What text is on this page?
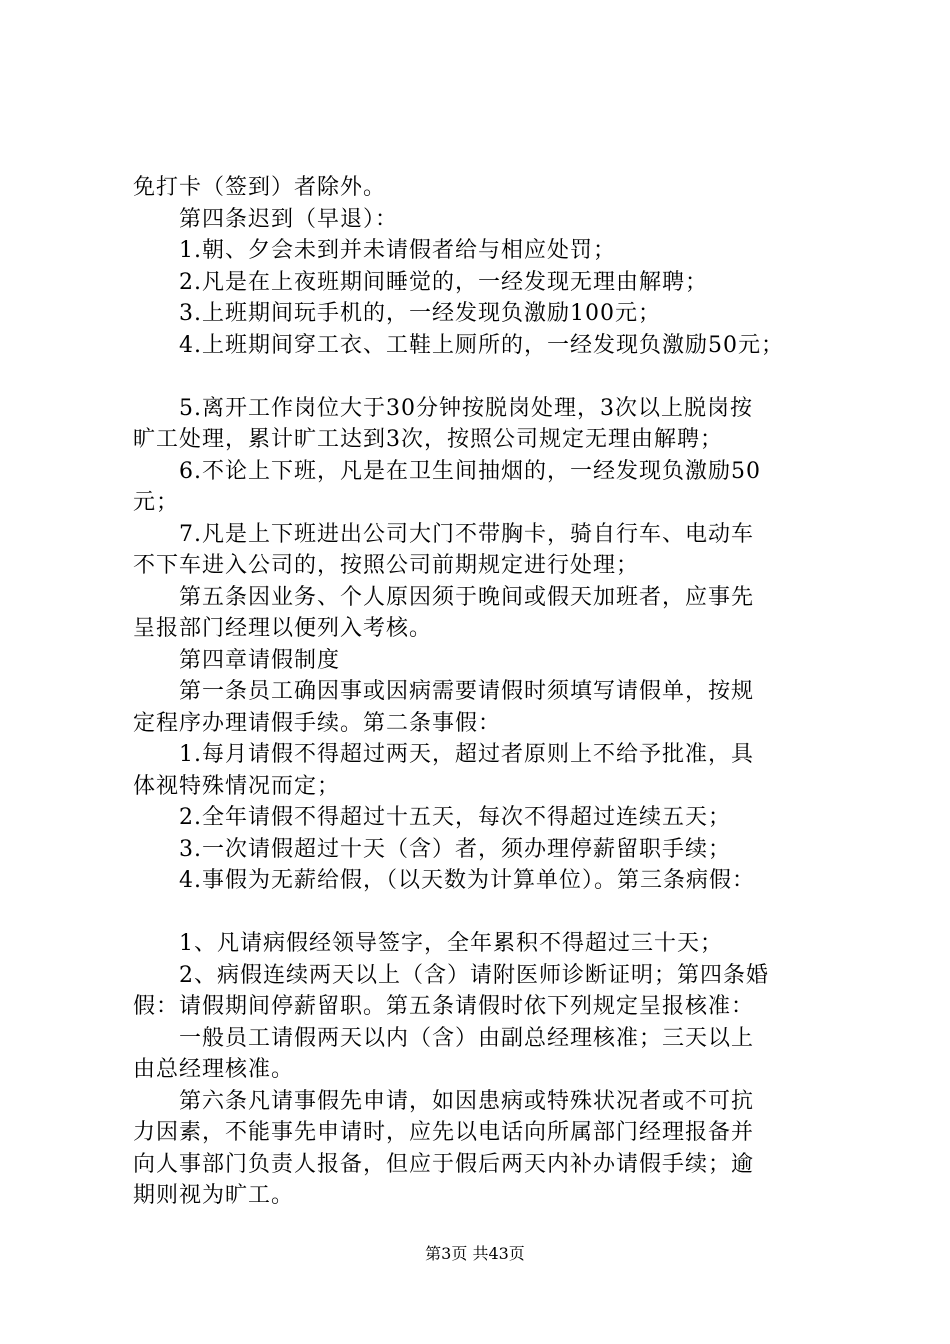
免打卡（签到）者除外。
第四条迟到（早退）：
1.朝、夕会未到并未请假者给与相应处罚；
2.凡是在上夜班期间睡觉的，一经发现无理由解聘；
3.上班期间玩手机的，一经发现负激励100元；
4.上班期间穿工衣、工鞋上厕所的，一经发现负激励50元；
5.离开工作岗位大于30分钟按脱岗处理，3次以上脱岗按
旷工处理，累计旷工达到3次，按照公司规定无理由解聘；
6.不论上下班，凡是在卫生间抽烟的，一经发现负激励50
元；
7.凡是上下班进出公司大门不带胸卡，骑自行车、电动车
不下车进入公司的，按照公司前期规定进行处理；
第五条因业务、个人原因须于晚间或假天加班者，应事先
呈报部门经理以便列入考核。
第四章请假制度
第一条员工确因事或因病需要请假时须填写请假单，按规
定程序办理请假手续。第二条事假：
1.每月请假不得超过两天，超过者原则上不给予批准，具
体视特殊情况而定；
2.全年请假不得超过十五天，每次不得超过连续五天；
3.一次请假超过十天（含）者，须办理停薪留职手续；
4.事假为无薪给假，（以天数为计算单位）。第三条病假：
1、凡请病假经领导签字，全年累积不得超过三十天；
2、病假连续两天以上（含）请附医师诊断证明；第四条婚
假：请假期间停薪留职。第五条请假时依下列规定呈报核准：
一般员工请假两天以内（含）由副总经理核准；三天以上
由总经理核准。
第六条凡请事假先申请，如因患病或特殊状况者或不可抗
力因素，不能事先申请时，应先以电话向所属部门经理报备并
向人事部门负责人报备，但应于假后两天内补办请假手续；逾
期则视为旷工。
第3页 共43页
